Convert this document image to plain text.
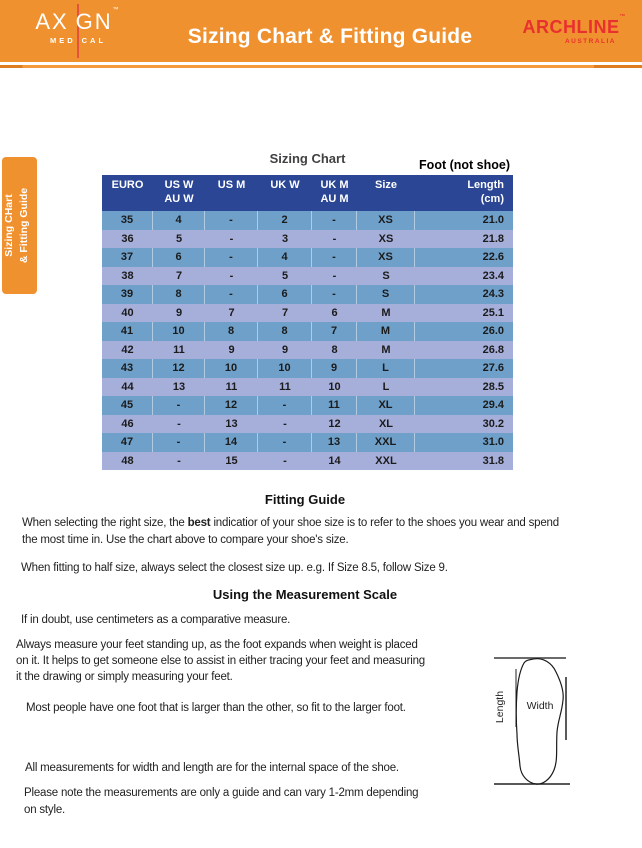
AX GN™
MED CAL	Sizing Chart & Fitting Guide	ARCHLINE™
AUSTRALIA
Sizing CHart & Fitting Guide
Sizing Chart	Foot (not shoe)
EURO	US W
AU W
US M	UK W	UK M
AU M
Size	Length
(cm)
35	4	-	2	-	XS	21.0
36	5	-	3	-	XS	21.8
37	6	-	4	-	XS	22.6
38	7	-	5	-	S	23.4
39	8	-	6	-	S	24.3
40	9	7	7	6	M	25.1
41	10	8	8	7	M	26.0
42	11	9	9	8	M	26.8
43	12	10	10	9	L	27.6
44	13	11	11	10	L	28.5
45	-	12	-	11	XL	29.4
46	-	13	-	12	XL	30.2
47	-	14	-	13	XXL	31.0
48	-	15	-	14	XXL	31.8
Fitting Guide
When selecting the right size, the best indicatior of your shoe size is to refer to the shoes you wear and spend
the most time in. Use the chart above to compare your shoe's size.
When fitting to half size, always select the closest size up. e.g. If Size 8.5, follow Size 9.
Using the Measurement Scale
If in doubt, use centimeters as a comparative measure.
Always measure your feet standing up, as the foot expands when weight is placed
on it. It helps to get someone else to assist in either tracing your feet and measuring
it the drawing or simply measuring your feet.
Most people have one foot that is larger than the other, so fit to the larger foot.
All measurements for width and length are for the internal space of the shoe.
Please note the measurements are only a guide and can vary 1-2mm depending
on style.
Length Width
